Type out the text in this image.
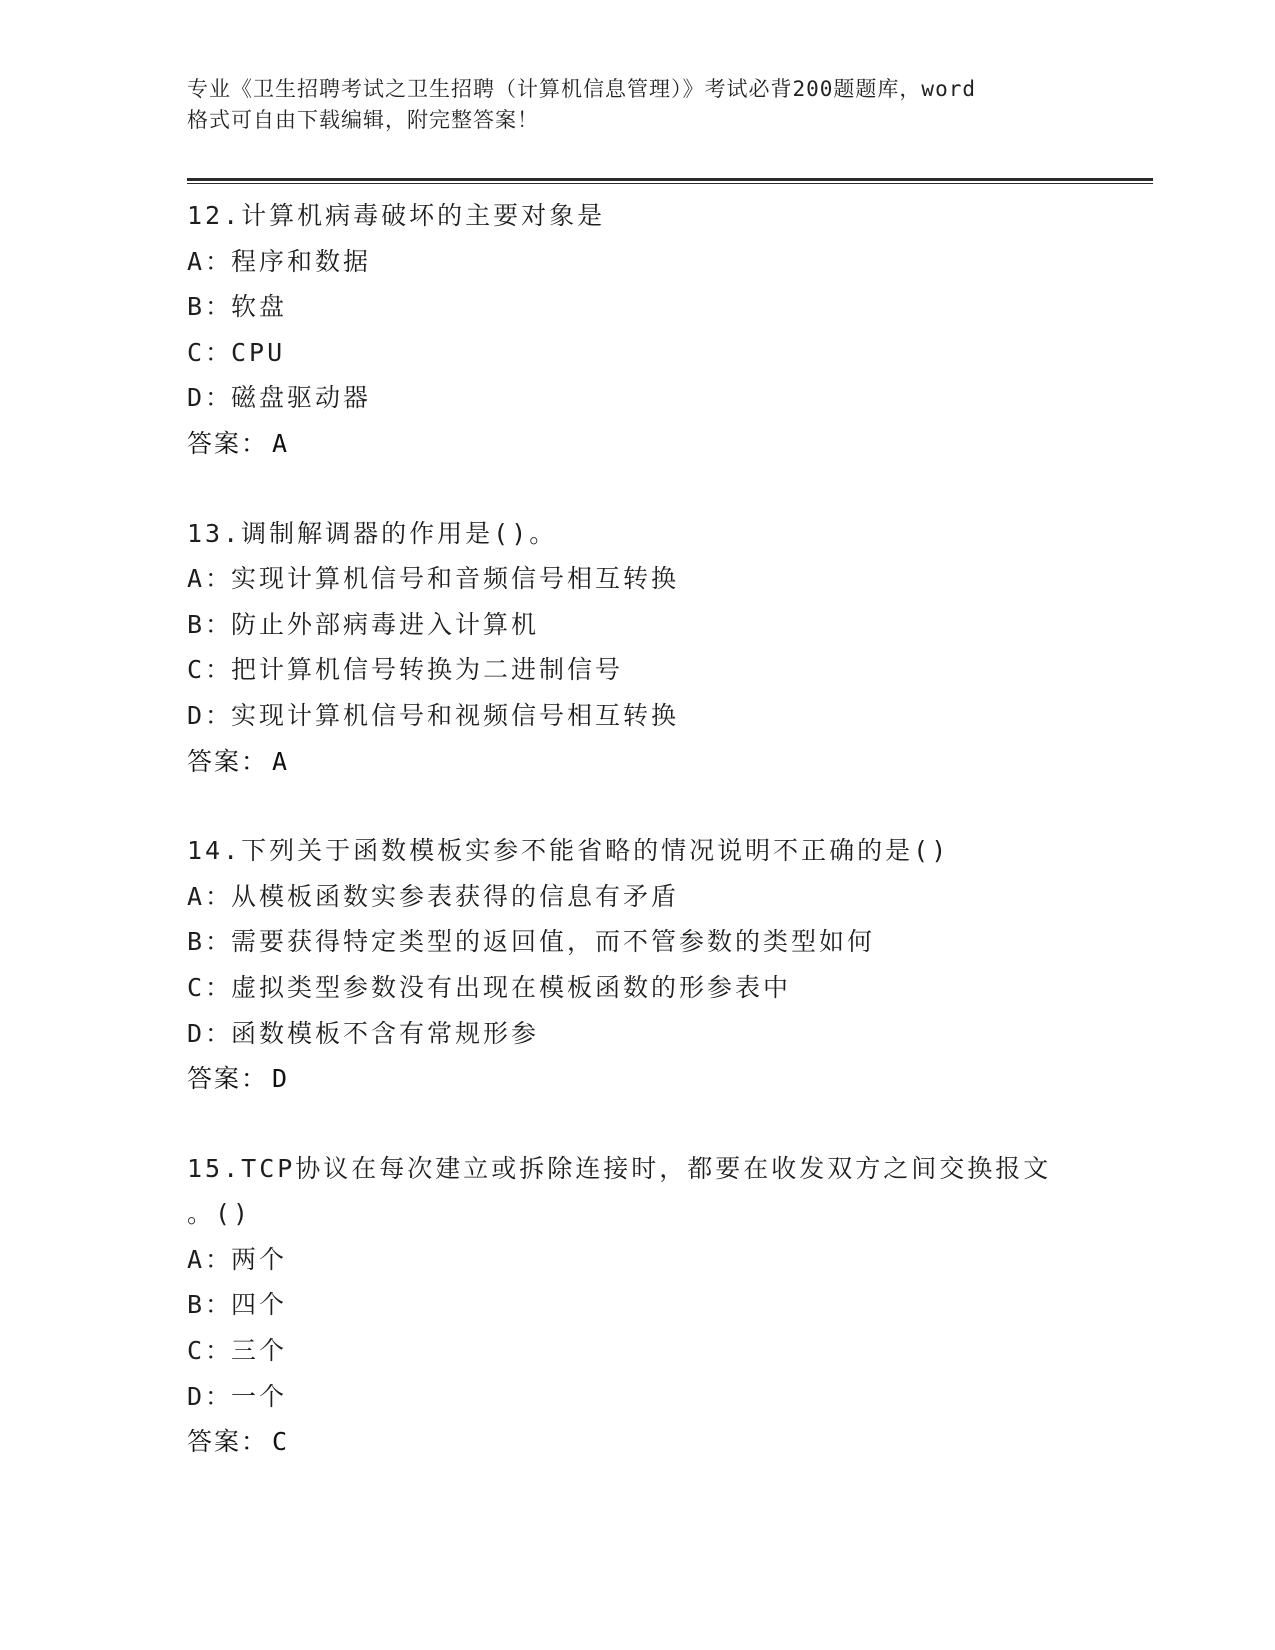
专业《卫生招聘考试之卫生招聘（计算机信息管理）》考试必背200题题库，word
格式可自由下载编辑，附完整答案！
12.计算机病毒破坏的主要对象是
A：
程序和数据
B：
软盘
C：
CPU
D：
磁盘驱动器
答案： A
13.调制解调器的作用是()。
A：
实现计算机信号和音频信号相互转换
B：
防止外部病毒进入计算机
C：
把计算机信号转换为二进制信号
D：
实现计算机信号和视频信号相互转换
答案： A
14.下列关于函数模板实参不能省略的情况说明不正确的是()
A：
从模板函数实参表获得的信息有矛盾
B：
需要获得特定类型的返回值，而不管参数的类型如何
C：
虚拟类型参数没有出现在模板函数的形参表中
D：
函数模板不含有常规形参
答案： D
15.TCP协议在每次建立或拆除连接时，都要在收发双方之间交换报文
。()
A：
两个
B：
四个
C：
三个
D：
一个
答案： C
